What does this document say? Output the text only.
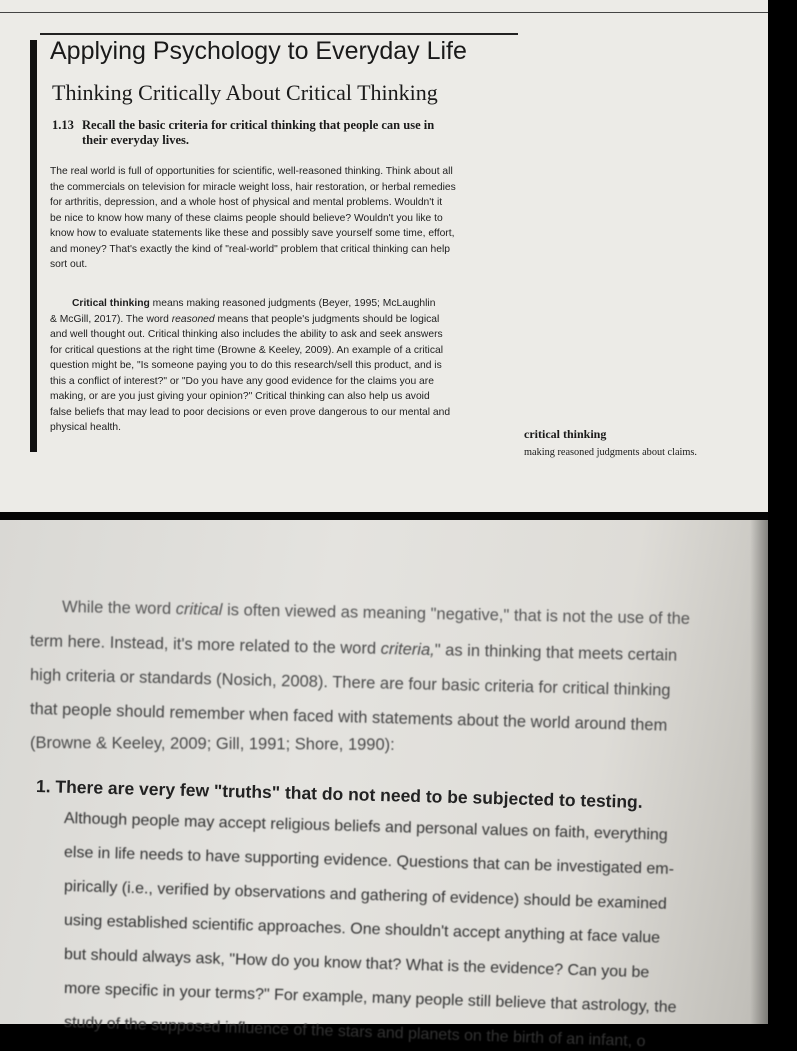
Applying Psychology to Everyday Life
Thinking Critically About Critical Thinking
1.13 Recall the basic criteria for critical thinking that people can use in
their everyday lives.
The real world is full of opportunities for scientific, well-reasoned thinking. Think about all
the commercials on television for miracle weight loss, hair restoration, or herbal remedies
for arthritis, depression, and a whole host of physical and mental problems. Wouldn't it
be nice to know how many of these claims people should believe? Wouldn't you like to
know how to evaluate statements like these and possibly save yourself some time, effort,
and money? That's exactly the kind of "real-world" problem that critical thinking can help
sort out.
Critical thinking means making reasoned judgments (Beyer, 1995; McLaughlin
& McGill, 2017). The word reasoned means that people's judgments should be logical
and well thought out. Critical thinking also includes the ability to ask and seek answers
for critical questions at the right time (Browne & Keeley, 2009). An example of a critical
question might be, "Is someone paying you to do this research/sell this product, and is
this a conflict of interest?" or "Do you have any good evidence for the claims you are
making, or are you just giving your opinion?" Critical thinking can also help us avoid
false beliefs that may lead to poor decisions or even prove dangerous to our mental and
physical health.	critical thinking
making reasoned judgments about claims.
While the word critical is often viewed as meaning "negative," that is not the use of the
term here. Instead, it's more related to the word criteria," as in thinking that meets certain
high criteria or standards (Nosich, 2008). There are four basic criteria for critical thinking
that people should remember when faced with statements about the world around them
(Browne & Keeley, 2009; Gill, 1991; Shore, 1990):
1. There are very few "truths" that do not need to be subjected to testing.
Although people may accept religious beliefs and personal values on faith, everything
else in life needs to have supporting evidence. Questions that can be investigated em-
pirically (i.e., verified by observations and gathering of evidence) should be examined
using established scientific approaches. One shouldn't accept anything at face value
but should always ask, "How do you know that? What is the evidence? Can you be
more specific in your terms?" For example, many people still believe that astrology, the
study of the supposed influence of the stars and planets on the birth of an infant, o
